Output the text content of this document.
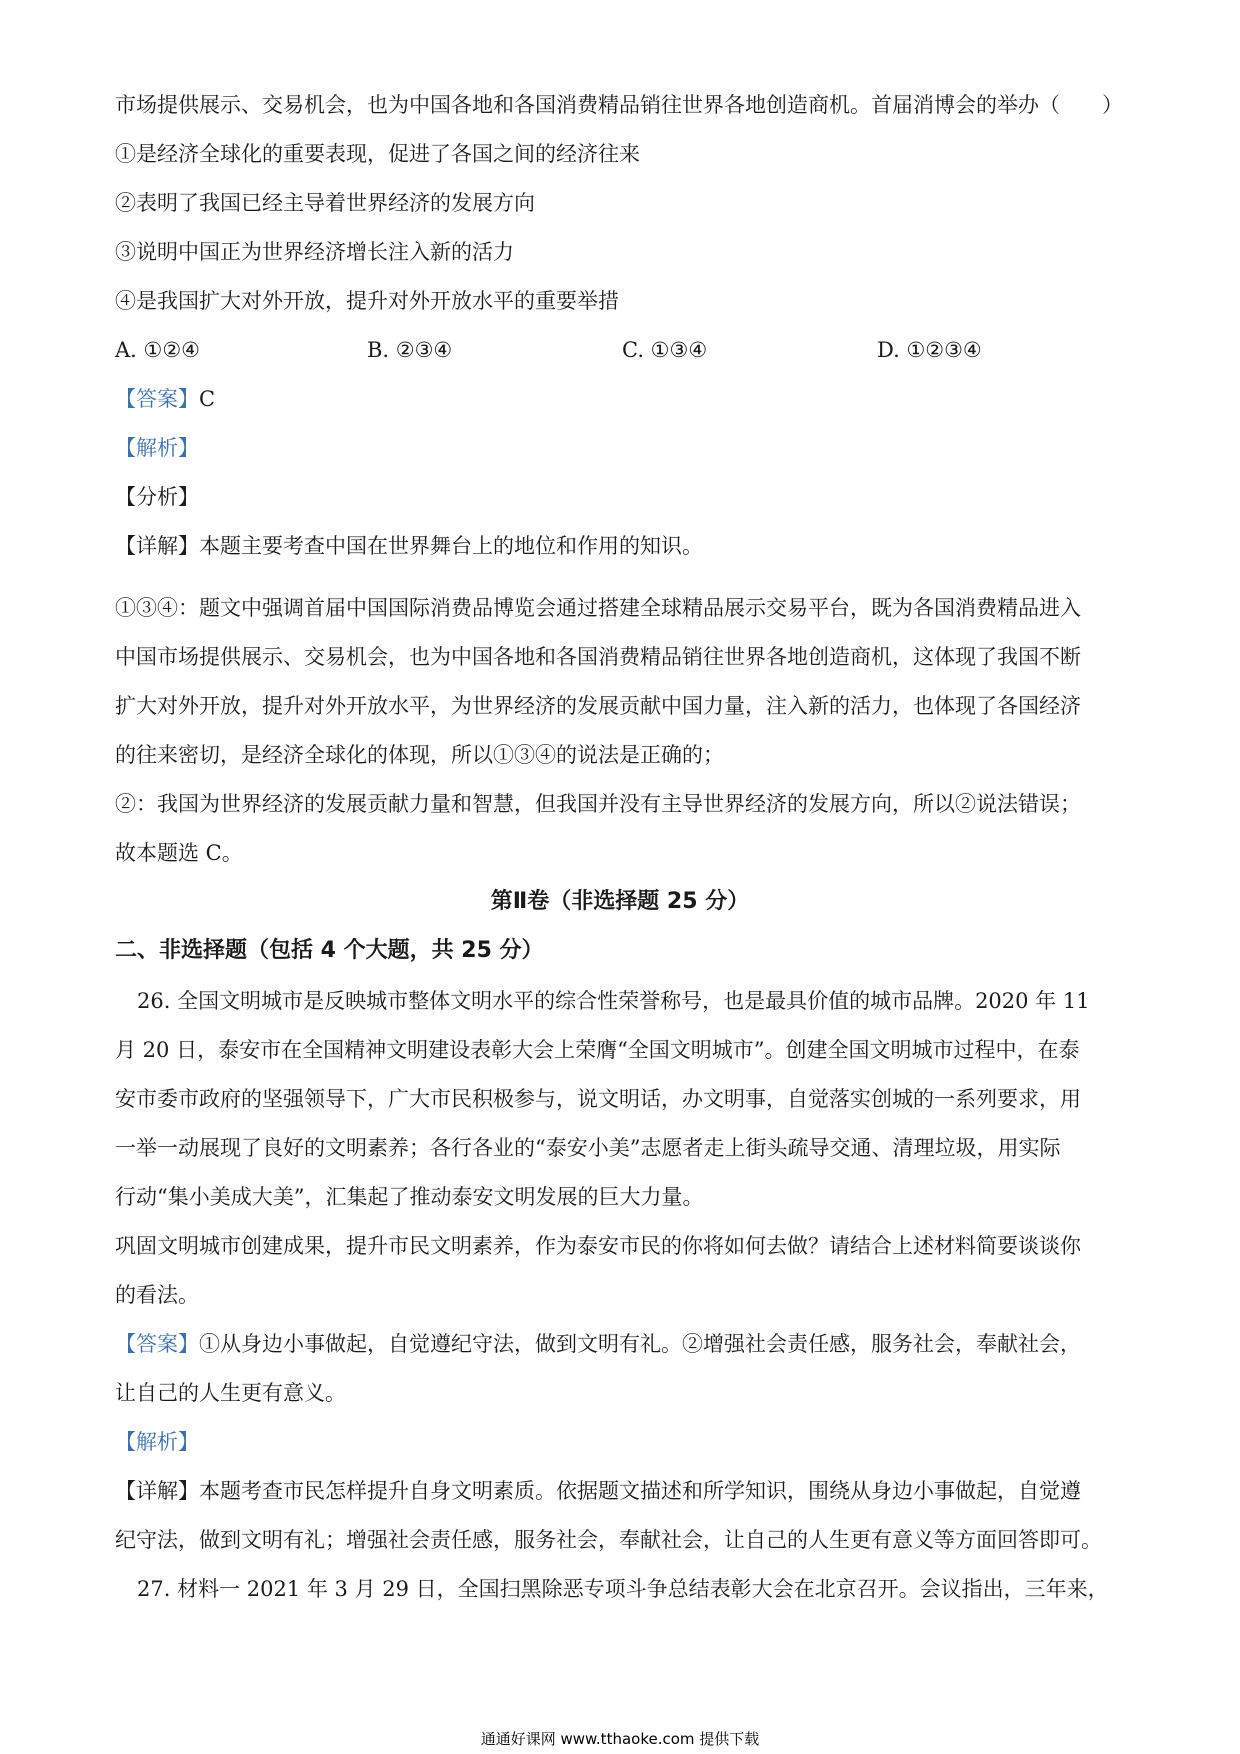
市场提供展示、交易机会，也为中国各地和各国消费精品销往世界各地创造商机。首届消博会的举办（　　）
①是经济全球化的重要表现，促进了各国之间的经济往来
②表明了我国已经主导着世界经济的发展方向
③说明中国正为世界经济增长注入新的活力
④是我国扩大对外开放，提升对外开放水平的重要举措
A. ①②④	B. ②③④	C. ①③④	D. ①②③④
【答案】C
【解析】
【分析】
【详解】本题主要考查中国在世界舞台上的地位和作用的知识。
①③④：题文中强调首届中国国际消费品博览会通过搭建全球精品展示交易平台，既为各国消费精品进入
中国市场提供展示、交易机会，也为中国各地和各国消费精品销往世界各地创造商机，这体现了我国不断
扩大对外开放，提升对外开放水平，为世界经济的发展贡献中国力量，注入新的活力，也体现了各国经济
的往来密切，是经济全球化的体现，所以①③④的说法是正确的；
②：我国为世界经济的发展贡献力量和智慧，但我国并没有主导世界经济的发展方向，所以②说法错误；
故本题选 C。
第Ⅱ卷（非选择题 25 分）
二、非选择题（包括 4 个大题，共 25 分）
26. 全国文明城市是反映城市整体文明水平的综合性荣誉称号，也是最具价值的城市品牌。2020 年 11
月 20 日，泰安市在全国精神文明建设表彰大会上荣膺“全国文明城市”。创建全国文明城市过程中，在泰
安市委市政府的坚强领导下，广大市民积极参与，说文明话，办文明事，自觉落实创城的一系列要求，用
一举一动展现了良好的文明素养；各行各业的“泰安小美”志愿者走上街头疏导交通、清理垃圾，用实际
行动“集小美成大美”，汇集起了推动泰安文明发展的巨大力量。
巩固文明城市创建成果，提升市民文明素养，作为泰安市民的你将如何去做？请结合上述材料简要谈谈你
的看法。
【答案】①从身边小事做起，自觉遵纪守法，做到文明有礼。②增强社会责任感，服务社会，奉献社会，
让自己的人生更有意义。
【解析】
【详解】本题考查市民怎样提升自身文明素质。依据题文描述和所学知识，围绕从身边小事做起，自觉遵
纪守法，做到文明有礼；增强社会责任感，服务社会，奉献社会，让自己的人生更有意义等方面回答即可。
27. 材料一 2021 年 3 月 29 日，全国扫黑除恶专项斗争总结表彰大会在北京召开。会议指出，三年来，
通通好课网 www.tthaoke.com 提供下载
